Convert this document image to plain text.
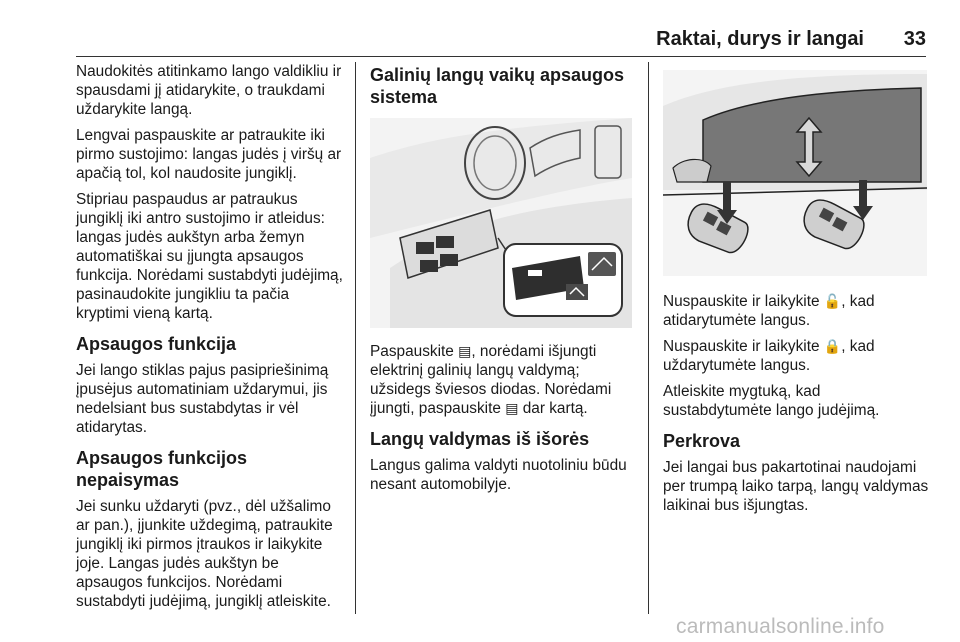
Raktai, durys ir langai 33

Naudokitės atitinkamo lango valdikliu ir spausdami jį atidarykite, o traukdami uždarykite langą.

Lengvai paspauskite ar patraukite iki pirmo sustojimo: langas judės į viršų ar apačią tol, kol naudosite jungiklį.

Stipriau paspaudus ar patraukus jungiklį iki antro sustojimo ir atleidus: langas judės aukštyn arba žemyn automatiškai su įjungta apsaugos funkcija. Norėdami sustabdyti judėjimą, pasinaudokite jungikliu ta pačia kryptimi vieną kartą.

Apsaugos funkcija

Jei lango stiklas pajus pasipriešinimą įpusėjus automatiniam uždarymui, jis nedelsiant bus sustabdytas ir vėl atidarytas.

Apsaugos funkcijos nepaisymas

Jei sunku uždaryti (pvz., dėl užšalimo ar pan.), įjunkite uždegimą, patraukite jungiklį iki pirmos įtraukos ir laikykite joje. Langas judės aukštyn be apsaugos funkcijos. Norėdami sustabdyti judėjimą, jungiklį atleiskite.

Galinių langų vaikų apsaugos sistema

Paspauskite ▤, norėdami išjungti elektrinį galinių langų valdymą; užsidegs šviesos diodas. Norėdami įjungti, paspauskite ▤ dar kartą.

Langų valdymas iš išorės

Langus galima valdyti nuotoliniu būdu nesant automobilyje.

Nuspauskite ir laikykite 🔓, kad atidarytumėte langus.

Nuspauskite ir laikykite 🔒, kad uždarytumėte langus.

Atleiskite mygtuką, kad sustabdytumėte lango judėjimą.

Perkrova

Jei langai bus pakartotinai naudojami per trumpą laiko tarpą, langų valdymas laikinai bus išjungtas.

carmanualsonline.info
